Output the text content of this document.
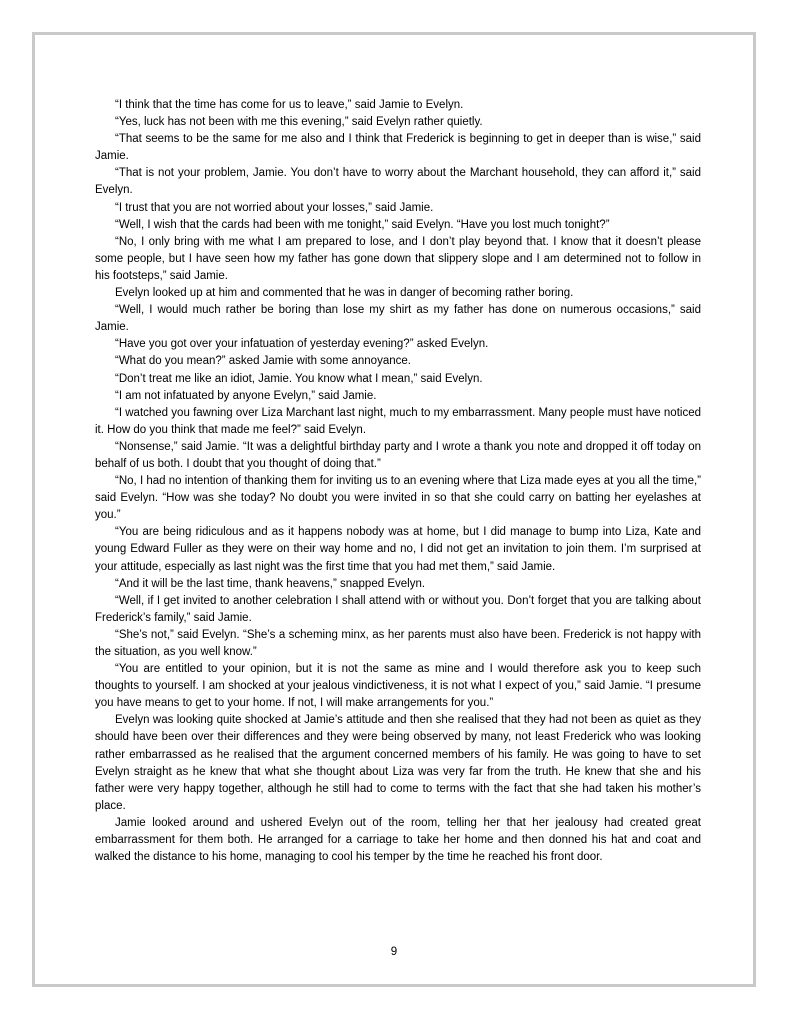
“I think that the time has come for us to leave,” said Jamie to Evelyn.

“Yes, luck has not been with me this evening,” said Evelyn rather quietly.

“That seems to be the same for me also and I think that Frederick is beginning to get in deeper than is wise,” said Jamie.

“That is not your problem, Jamie. You don’t have to worry about the Marchant household, they can afford it,” said Evelyn.

“I trust that you are not worried about your losses,” said Jamie.

“Well, I wish that the cards had been with me tonight,” said Evelyn. “Have you lost much tonight?”

“No, I only bring with me what I am prepared to lose, and I don’t play beyond that. I know that it doesn’t please some people, but I have seen how my father has gone down that slippery slope and I am determined not to follow in his footsteps,” said Jamie.

Evelyn looked up at him and commented that he was in danger of becoming rather boring.

“Well, I would much rather be boring than lose my shirt as my father has done on numerous occasions,” said Jamie.

“Have you got over your infatuation of yesterday evening?” asked Evelyn.

“What do you mean?” asked Jamie with some annoyance.

“Don’t treat me like an idiot, Jamie. You know what I mean,” said Evelyn.

“I am not infatuated by anyone Evelyn,” said Jamie.

“I watched you fawning over Liza Marchant last night, much to my embarrassment. Many people must have noticed it. How do you think that made me feel?” said Evelyn.

“Nonsense,” said Jamie. “It was a delightful birthday party and I wrote a thank you note and dropped it off today on behalf of us both. I doubt that you thought of doing that.”

“No, I had no intention of thanking them for inviting us to an evening where that Liza made eyes at you all the time,” said Evelyn. “How was she today? No doubt you were invited in so that she could carry on batting her eyelashes at you.”

“You are being ridiculous and as it happens nobody was at home, but I did manage to bump into Liza, Kate and young Edward Fuller as they were on their way home and no, I did not get an invitation to join them. I’m surprised at your attitude, especially as last night was the first time that you had met them,” said Jamie.

“And it will be the last time, thank heavens,” snapped Evelyn.

“Well, if I get invited to another celebration I shall attend with or without you. Don’t forget that you are talking about Frederick’s family,” said Jamie.

“She’s not,” said Evelyn. “She’s a scheming minx, as her parents must also have been. Frederick is not happy with the situation, as you well know.”

“You are entitled to your opinion, but it is not the same as mine and I would therefore ask you to keep such thoughts to yourself. I am shocked at your jealous vindictiveness, it is not what I expect of you,” said Jamie. “I presume you have means to get to your home. If not, I will make arrangements for you.”

Evelyn was looking quite shocked at Jamie’s attitude and then she realised that they had not been as quiet as they should have been over their differences and they were being observed by many, not least Frederick who was looking rather embarrassed as he realised that the argument concerned members of his family. He was going to have to set Evelyn straight as he knew that what she thought about Liza was very far from the truth. He knew that she and his father were very happy together, although he still had to come to terms with the fact that she had taken his mother’s place.

Jamie looked around and ushered Evelyn out of the room, telling her that her jealousy had created great embarrassment for them both. He arranged for a carriage to take her home and then donned his hat and coat and walked the distance to his home, managing to cool his temper by the time he reached his front door.

9
